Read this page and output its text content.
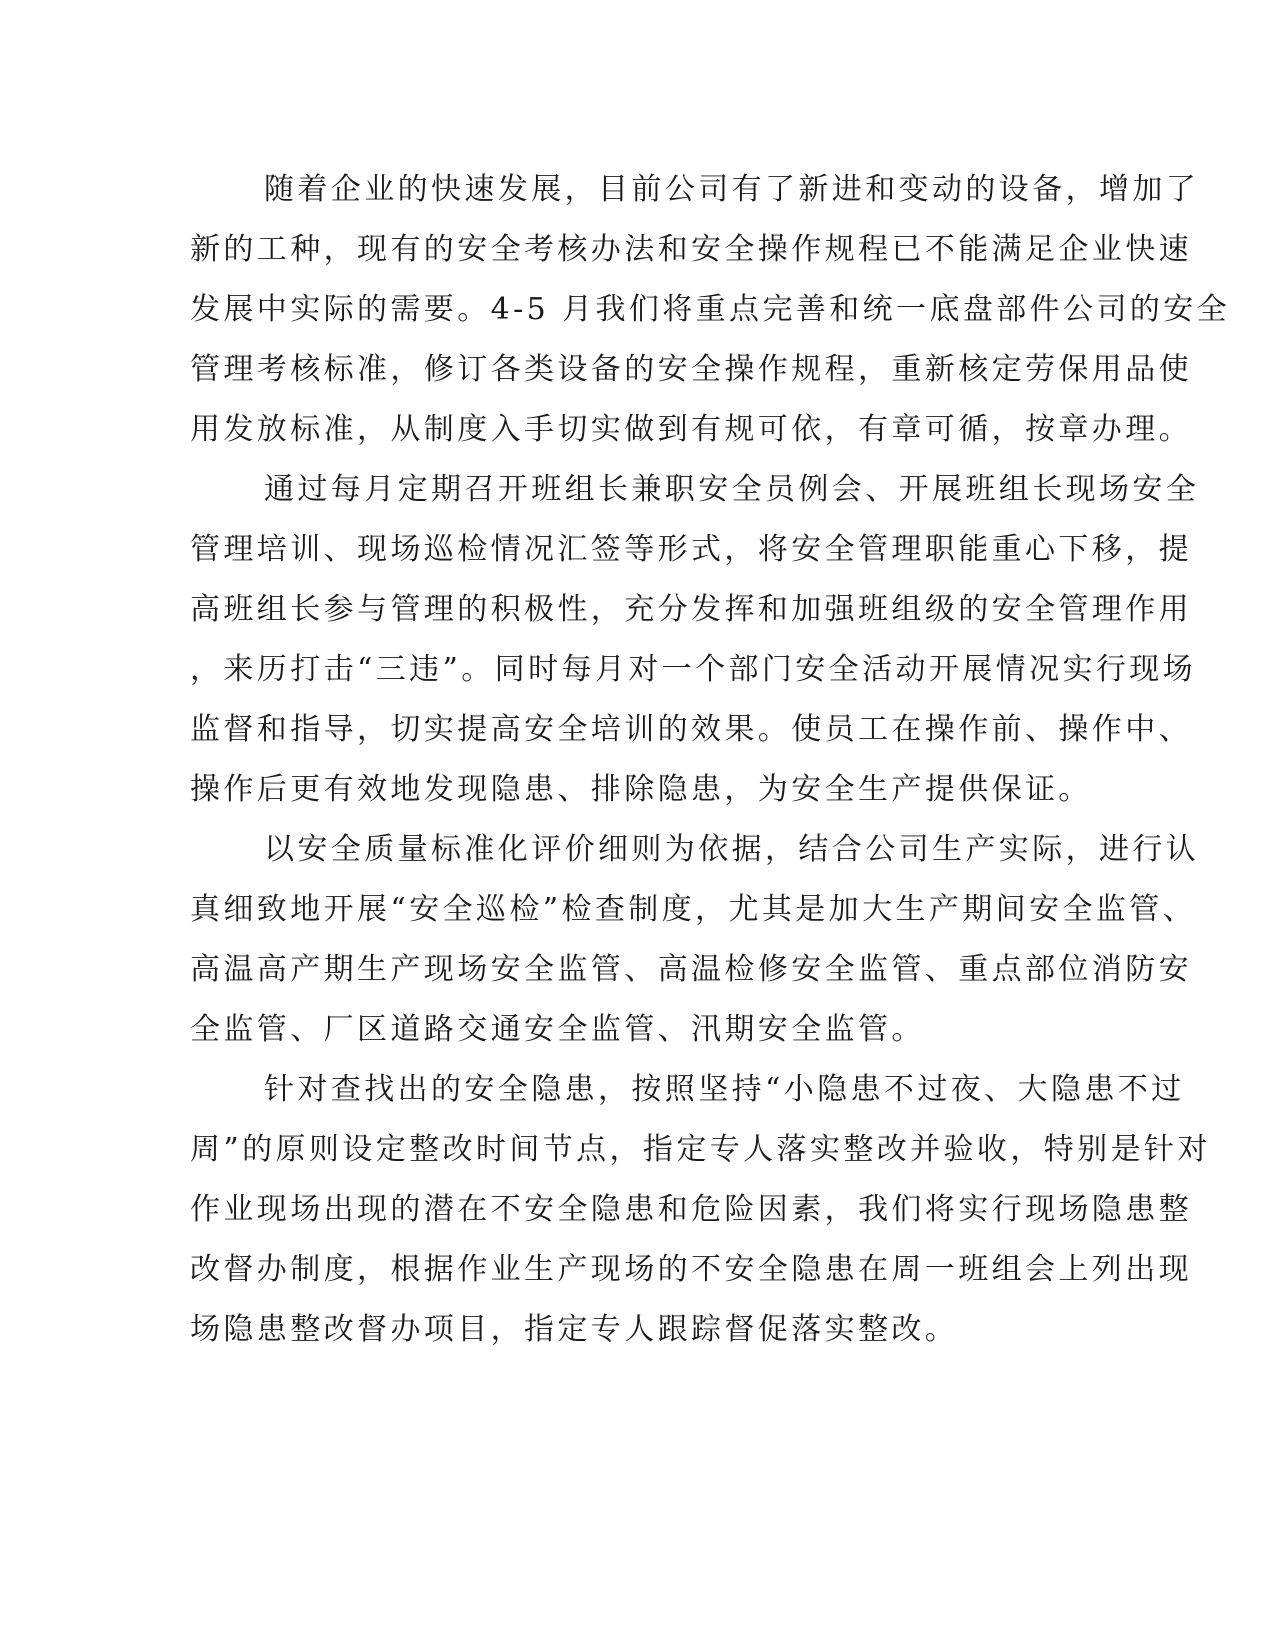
随着企业的快速发展，目前公司有了新进和变动的设备，增加了
新的工种，现有的安全考核办法和安全操作规程已不能满足企业快速
发展中实际的需要。4-5 月我们将重点完善和统一底盘部件公司的安全
管理考核标准，修订各类设备的安全操作规程，重新核定劳保用品使
用发放标准，从制度入手切实做到有规可依，有章可循，按章办理。
通过每月定期召开班组长兼职安全员例会、开展班组长现场安全
管理培训、现场巡检情况汇签等形式，将安全管理职能重心下移，提
高班组长参与管理的积极性，充分发挥和加强班组级的安全管理作用
，来历打击“三违”。同时每月对一个部门安全活动开展情况实行现场
监督和指导，切实提高安全培训的效果。使员工在操作前、操作中、
操作后更有效地发现隐患、排除隐患，为安全生产提供保证。
以安全质量标准化评价细则为依据，结合公司生产实际，进行认
真细致地开展“安全巡检”检查制度，尤其是加大生产期间安全监管、
高温高产期生产现场安全监管、高温检修安全监管、重点部位消防安
全监管、厂区道路交通安全监管、汛期安全监管。
针对查找出的安全隐患，按照坚持“小隐患不过夜、大隐患不过
周”的原则设定整改时间节点，指定专人落实整改并验收，特别是针对
作业现场出现的潜在不安全隐患和危险因素，我们将实行现场隐患整
改督办制度，根据作业生产现场的不安全隐患在周一班组会上列出现
场隐患整改督办项目，指定专人跟踪督促落实整改。
